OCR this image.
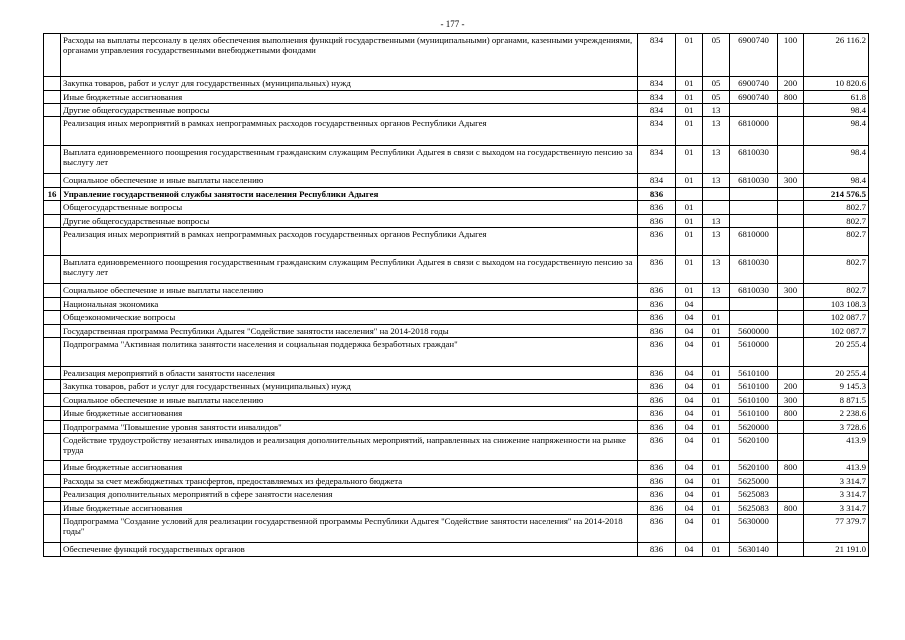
- 177 -
	Расходы на выплаты персоналу в целях обеспечения выполнения функций государственными (муниципальными) органами, казенными учреждениями, органами управления государственными внебюджетными фондами	834	01	05	6900740	100	26 116.2
	Закупка товаров, работ и услуг для государственных (муниципальных) нужд	834	01	05	6900740	200	10 820.6
	Иные бюджетные ассигнования	834	01	05	6900740	800	61.8
	Другие общегосударственные вопросы	834	01	13			98.4
	Реализация иных мероприятий в рамках непрограммных расходов государственных органов Республики Адыгея	834	01	13	6810000		98.4
	Выплата единовременного поощрения государственным гражданским служащим Республики Адыгея в связи с выходом на государственную пенсию за выслугу лет	834	01	13	6810030		98.4
	Социальное обеспечение и иные выплаты населению	834	01	13	6810030	300	98.4
16	Управление государственной службы занятости населения Республики Адыгея	836					214 576.5
	Общегосударственные вопросы	836	01				802.7
	Другие общегосударственные вопросы	836	01	13			802.7
	Реализация иных мероприятий в рамках непрограммных расходов государственных органов Республики Адыгея	836	01	13	6810000		802.7
	Выплата единовременного поощрения государственным гражданским служащим Республики Адыгея в связи с выходом на государственную пенсию за выслугу лет	836	01	13	6810030		802.7
	Социальное обеспечение и иные выплаты населению	836	01	13	6810030	300	802.7
	Национальная экономика	836	04				103 108.3
	Общеэкономические вопросы	836	04	01			102 087.7
	Государственная программа Республики Адыгея "Содействие занятости населения" на 2014-2018 годы	836	04	01	5600000		102 087.7
	Подпрограмма "Активная политика занятости населения и социальная поддержка безработных граждан"	836	04	01	5610000		20 255.4
	Реализация мероприятий в области занятости населения	836	04	01	5610100		20 255.4
	Закупка товаров, работ и услуг для государственных (муниципальных) нужд	836	04	01	5610100	200	9 145.3
	Социальное обеспечение и иные выплаты населению	836	04	01	5610100	300	8 871.5
	Иные бюджетные ассигнования	836	04	01	5610100	800	2 238.6
	Подпрограмма "Повышение уровня занятости инвалидов"	836	04	01	5620000		3 728.6
	Содействие трудоустройству незанятых инвалидов и реализация дополнительных мероприятий, направленных на снижение напряженности на рынке труда	836	04	01	5620100		413.9
	Иные бюджетные ассигнования	836	04	01	5620100	800	413.9
	Расходы за счет межбюджетных трансфертов, предоставляемых из федерального бюджета	836	04	01	5625000		3 314.7
	Реализация дополнительных мероприятий в сфере занятости населения	836	04	01	5625083		3 314.7
	Иные бюджетные ассигнования	836	04	01	5625083	800	3 314.7
	Подпрограмма "Создание условий для реализации государственной программы Республики Адыгея "Содействие занятости населения" на 2014-2018 годы"	836	04	01	5630000		77 379.7
	Обеспечение функций государственных органов	836	04	01	5630140		21 191.0
